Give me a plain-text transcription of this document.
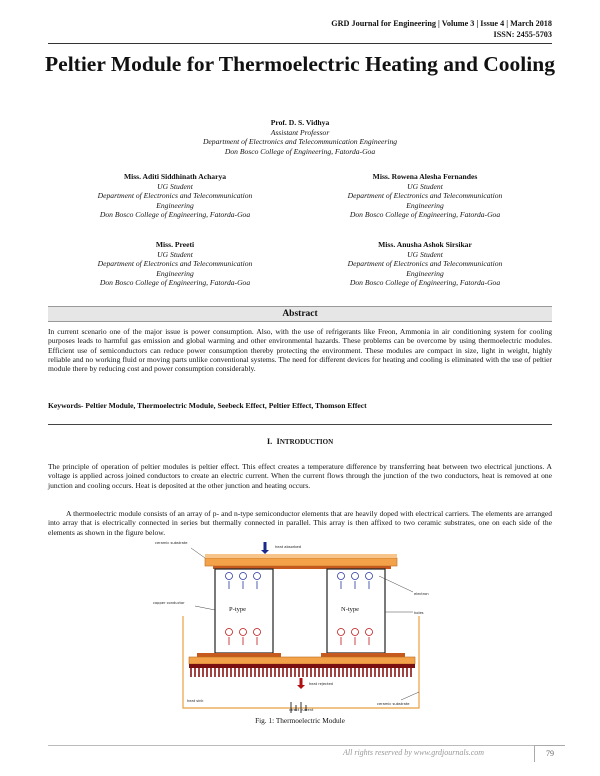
GRD Journal for Engineering | Volume 3 | Issue 4 | March 2018
ISSN: 2455-5703
Peltier Module for Thermoelectric Heating and Cooling
Prof. D. S. Vidhya
Assistant Professor
Department of Electronics and Telecommunication Engineering
Don Bosco College of Engineering, Fatorda-Goa
Miss. Aditi Siddhinath Acharya
UG Student
Department of Electronics and Telecommunication
Engineering
Don Bosco College of Engineering, Fatorda-Goa
Miss. Rowena Alesha Fernandes
UG Student
Department of Electronics and Telecommunication
Engineering
Don Bosco College of Engineering, Fatorda-Goa
Miss. Preeti
UG Student
Department of Electronics and Telecommunication
Engineering
Don Bosco College of Engineering, Fatorda-Goa
Miss. Anusha Ashok Sirsikar
UG Student
Department of Electronics and Telecommunication
Engineering
Don Bosco College of Engineering, Fatorda-Goa
Abstract
In current scenario one of the major issue is power consumption. Also, with the use of refrigerants like Freon, Ammonia in air conditioning system for cooling purposes leads to harmful gas emission and global warming and other environmental hazards. These problems can be overcome by using thermoelectric modules. Efficient use of semiconductors can reduce power consumption thereby protecting the environment. These modules are compact in size, light in weight, highly reliable and no working fluid or moving parts unlike conventional systems. The need for different devices for heating and cooling is eliminated with the use of peltier module there by reducing cost and power consumption considerably.
Keywords- Peltier Module, Thermoelectric Module, Seebeck Effect, Peltier Effect, Thomson Effect
I. INTRODUCTION
The principle of operation of peltier modules is peltier effect. This effect creates a temperature difference by transferring heat between two electrical junctions. A voltage is applied across joined conductors to create an electric current. When the current flows through the junction of the two conductors, heat is removed at one junction and cooling occurs. Heat is deposited at the other junction and heating occurs.
A thermoelectric module consists of an array of p- and n-type semiconductor elements that are heavily doped with electrical carriers. The elements are arranged into array that is electrically connected in series but thermally connected in parallel. This array is then affixed to two ceramic substrates, one on each side of the elements as shown in the figure below.
ceramic substrate
heat absorbed
electron
copper conductor
holes
P-type	N-type
heat rejected
heat sink
direct current
ceramic substrate
Fig. 1: Thermoelectric Module
All rights reserved by www.grdjournals.com	79
